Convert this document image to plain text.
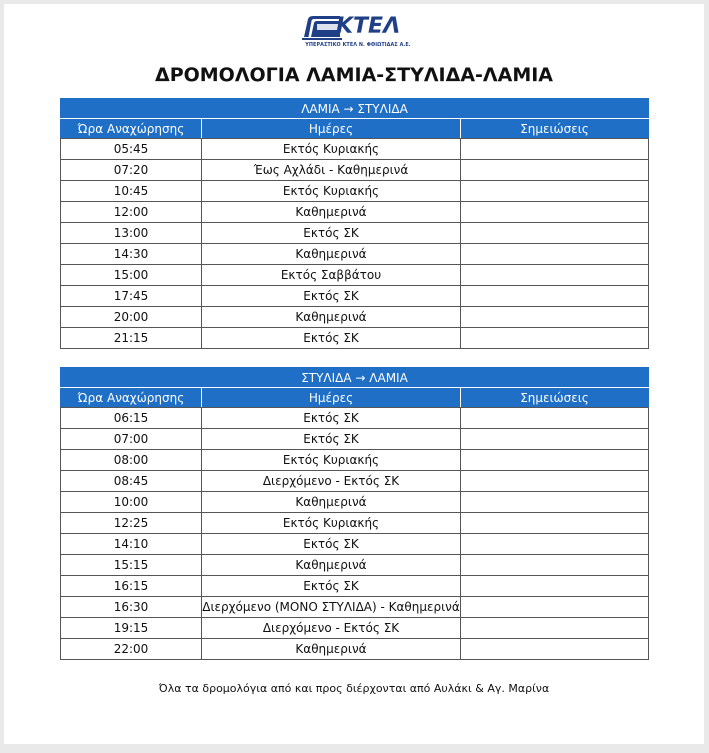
ΚΤΕΛ
ΥΠΕΡΑΣΤΙΚΟ ΚΤΕΛ Ν. ΦΘΙΩΤΙΔΑΣ Α.Ε.
ΔΡΟΜΟΛΟΓΙΑ ΛΑΜΙΑ-ΣΤΥΛΙΔΑ-ΛΑΜΙΑ
ΛΑΜΙΑ → ΣΤΥΛΙΔΑ		
Ώρα Αναχώρησης	Ημέρες	Σημειώσεις
05:45	Εκτός Κυριακής	
07:20	Έως Αχλάδι - Καθημερινά	
10:45	Εκτός Κυριακής	
12:00	Καθημερινά	
13:00	Εκτός ΣΚ	
14:30	Καθημερινά	
15:00	Εκτός Σαββάτου	
17:45	Εκτός ΣΚ	
20:00	Καθημερινά	
21:15	Εκτός ΣΚ	
ΣΤΥΛΙΔΑ → ΛΑΜΙΑ		
Ώρα Αναχώρησης	Ημέρες	Σημειώσεις
06:15	Εκτός ΣΚ	
07:00	Εκτός ΣΚ	
08:00	Εκτός Κυριακής	
08:45	Διερχόμενο - Εκτός ΣΚ	
10:00	Καθημερινά	
12:25	Εκτός Κυριακής	
14:10	Εκτός ΣΚ	
15:15	Καθημερινά	
16:15	Εκτός ΣΚ	
16:30	Διερχόμενο (ΜΟΝΟ ΣΤΥΛΙΔΑ) - Καθημερινά	
19:15	Διερχόμενο - Εκτός ΣΚ	
22:00	Καθημερινά	
Όλα τα δρομολόγια από και προς διέρχονται από Αυλάκι & Αγ. Μαρίνα
